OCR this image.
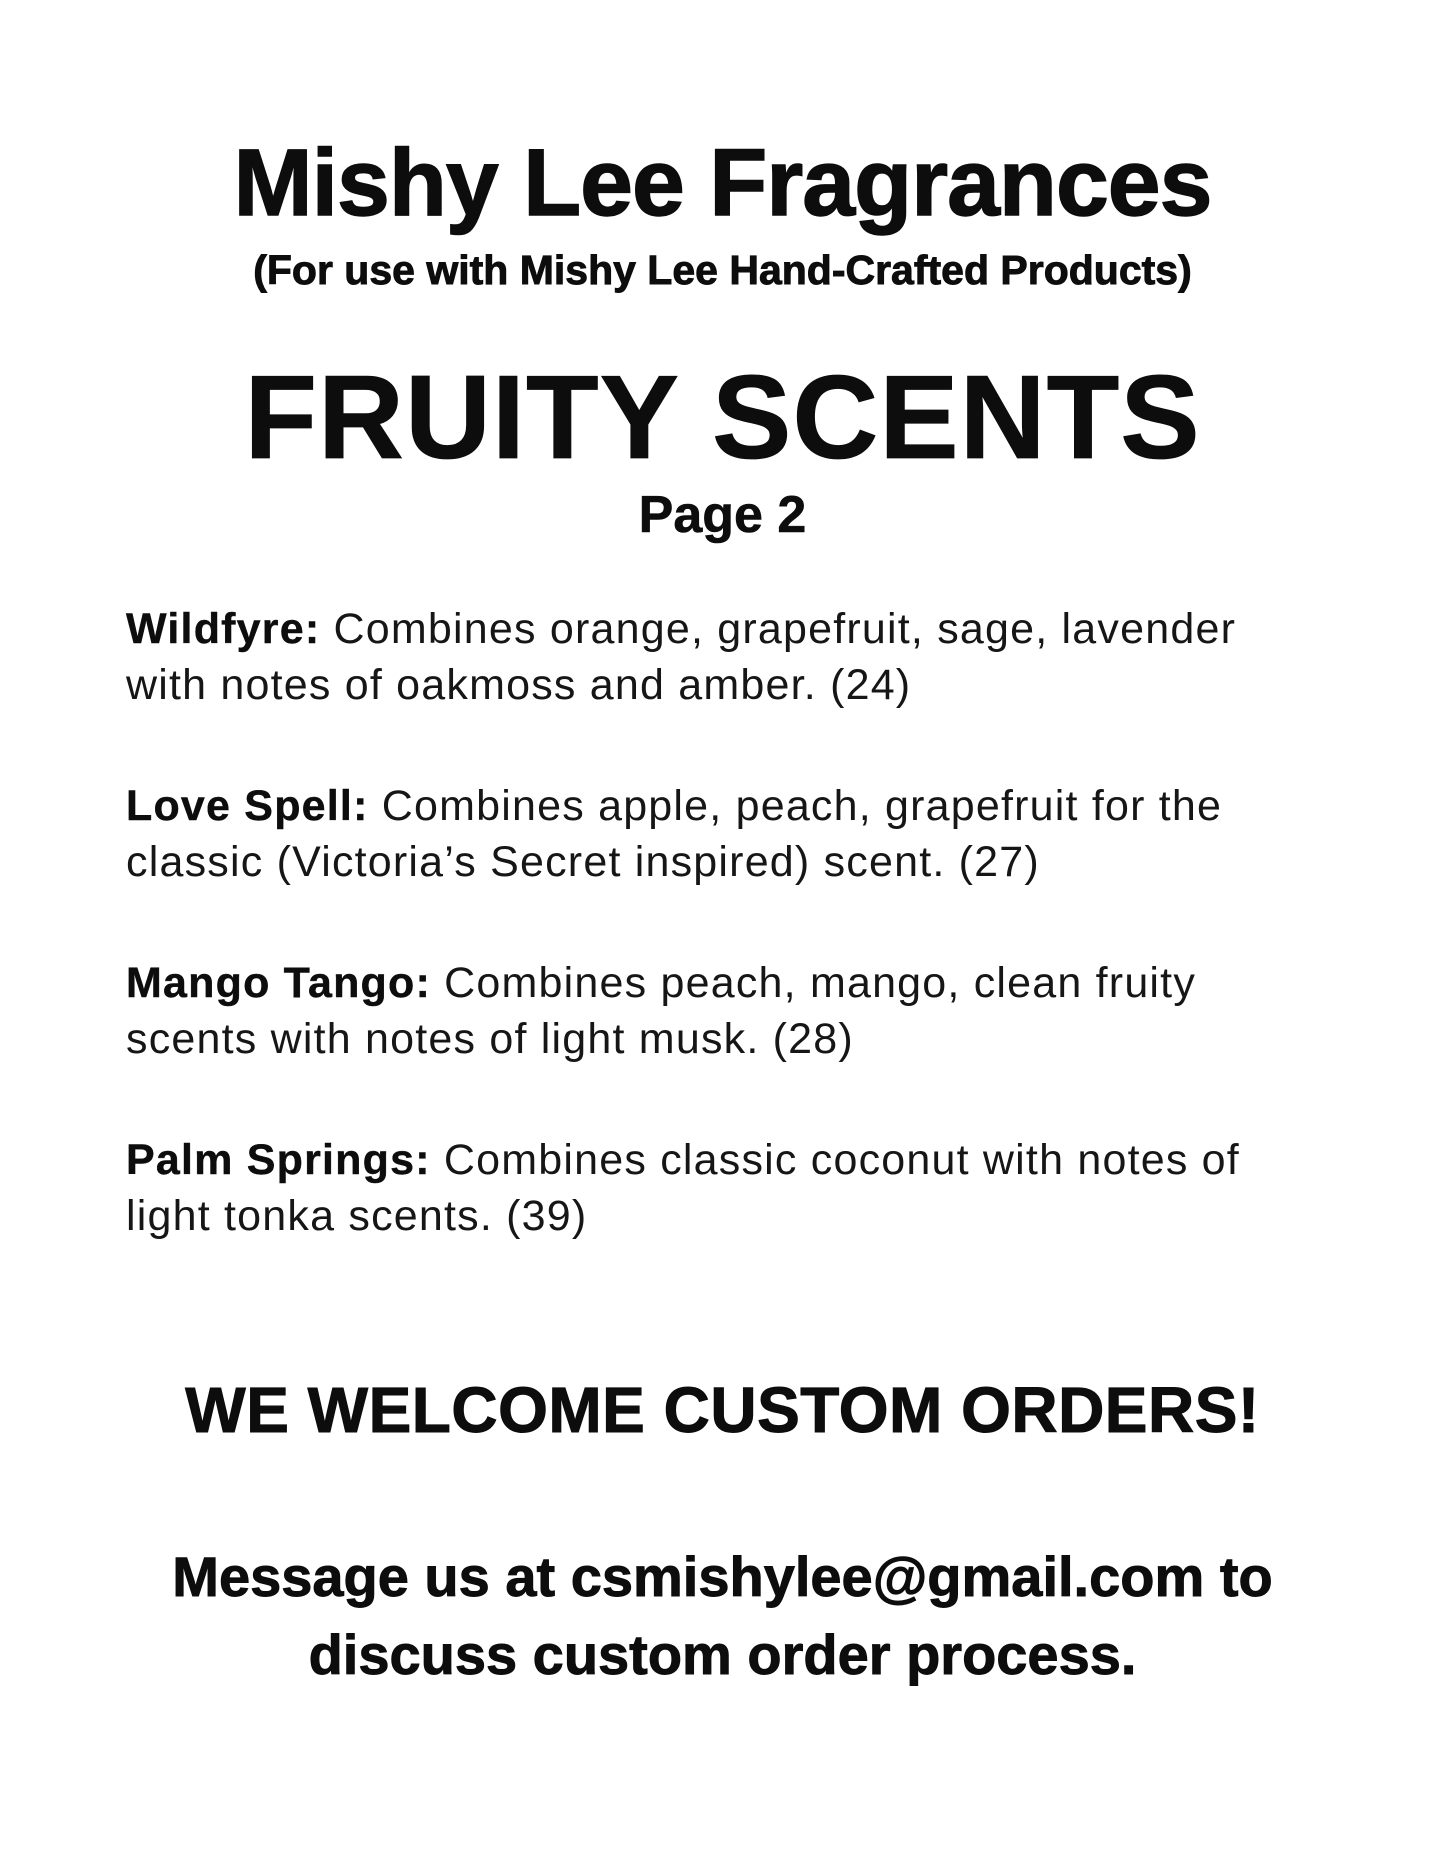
Mishy Lee Fragrances
(For use with Mishy Lee Hand-Crafted Products)
FRUITY SCENTS
Page 2

Wildfyre: Combines orange, grapefruit, sage, lavender
with notes of oakmoss and amber. (24)

Love Spell: Combines apple, peach, grapefruit for the
classic (Victoria’s Secret inspired) scent. (27)

Mango Tango: Combines peach, mango, clean fruity
scents with notes of light musk. (28)

Palm Springs: Combines classic coconut with notes of
light tonka scents. (39)

WE WELCOME CUSTOM ORDERS!
Message us at csmishylee@gmail.com to
discuss custom order process.
